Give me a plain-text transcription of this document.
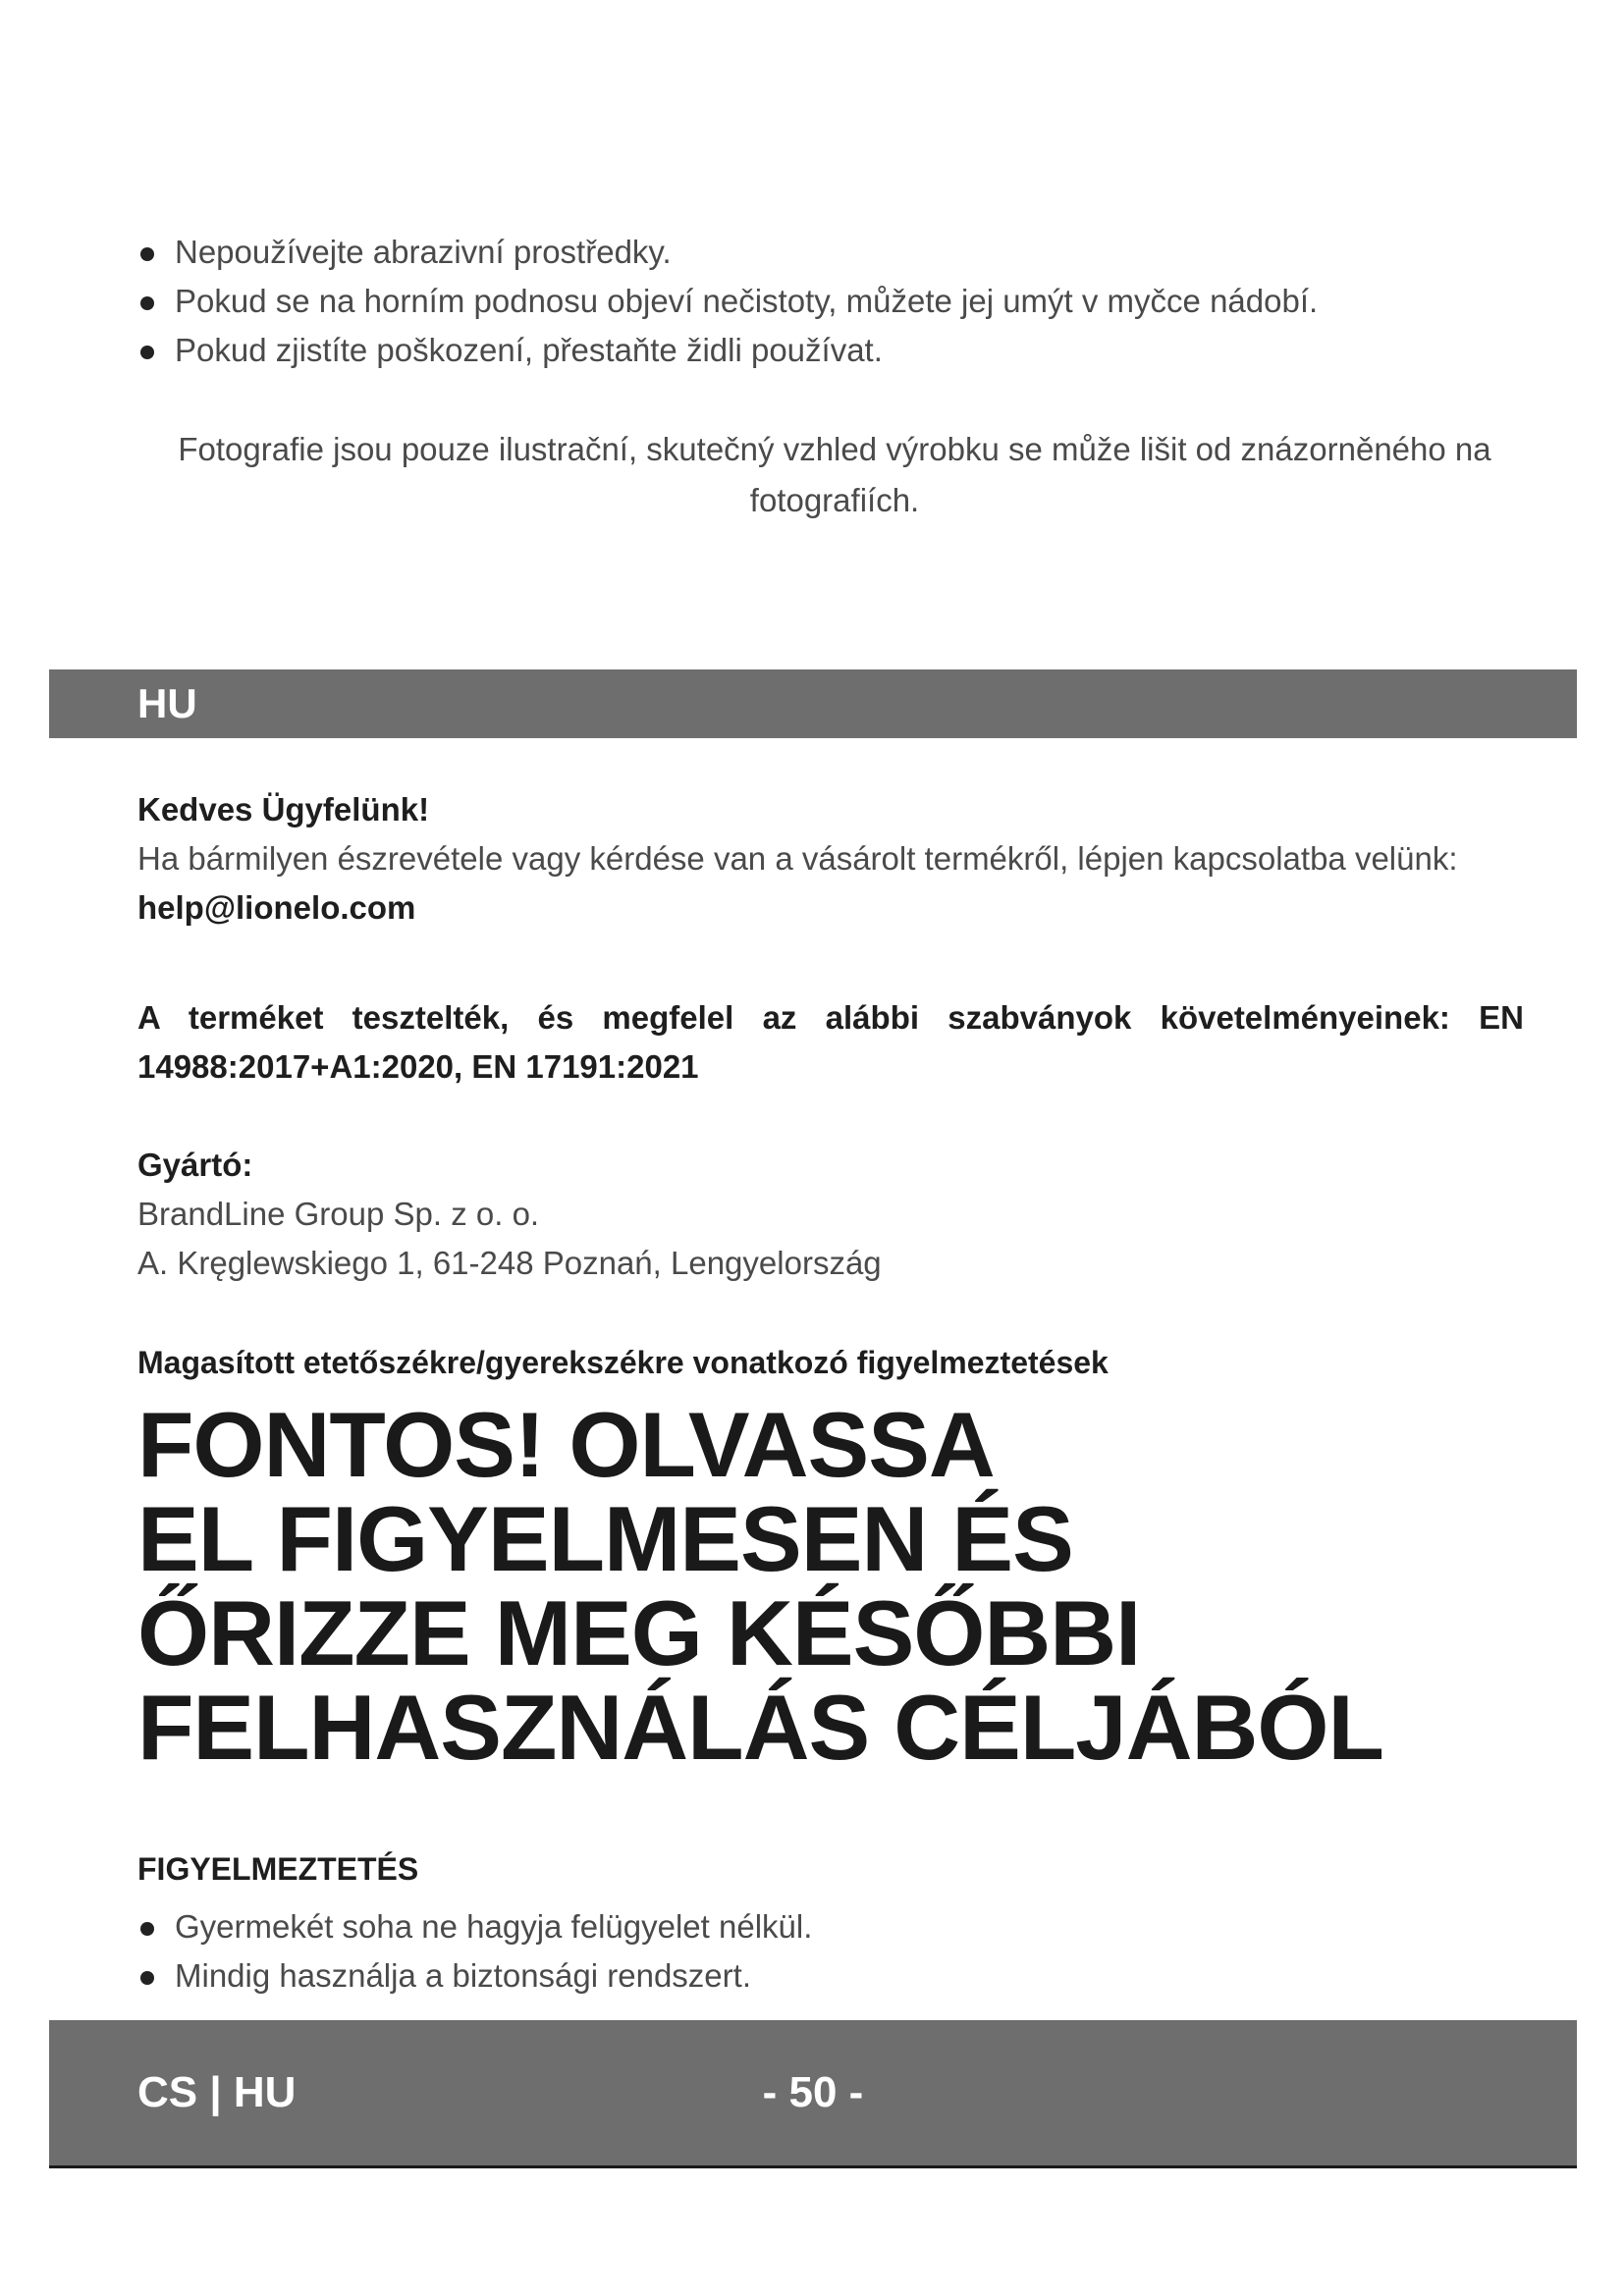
Nepoužívejte abrazivní prostředky.
Pokud se na horním podnosu objeví nečistoty, můžete jej umýt v myčce nádobí.
Pokud zjistíte poškození, přestaňte židli používat.
Fotografie jsou pouze ilustrační, skutečný vzhled výrobku se může lišit od znázorněného na fotografiích.
HU
Kedves Ügyfelünk!
Ha bármilyen észrevétele vagy kérdése van a vásárolt termékről, lépjen kapcsolatba velünk:
help@lionelo.com
A terméket tesztelték, és megfelel az alábbi szabványok követelményeinek: EN 14988:2017+A1:2020, EN 17191:2021
Gyártó:
BrandLine Group Sp. z o. o.
A. Kręglewskiego 1, 61-248 Poznań, Lengyelország
Magasított etetőszékre/gyerekszékre vonatkozó figyelmeztetések
FONTOS! OLVASSA
EL FIGYELMESEN ÉS
ŐRIZZE MEG KÉSŐBBI
FELHASZNÁLÁS CÉLJÁBÓL
FIGYELMEZTETÉS
Gyermekét soha ne hagyja felügyelet nélkül.
Mindig használja a biztonsági rendszert.
- 50 -
CS | HU
